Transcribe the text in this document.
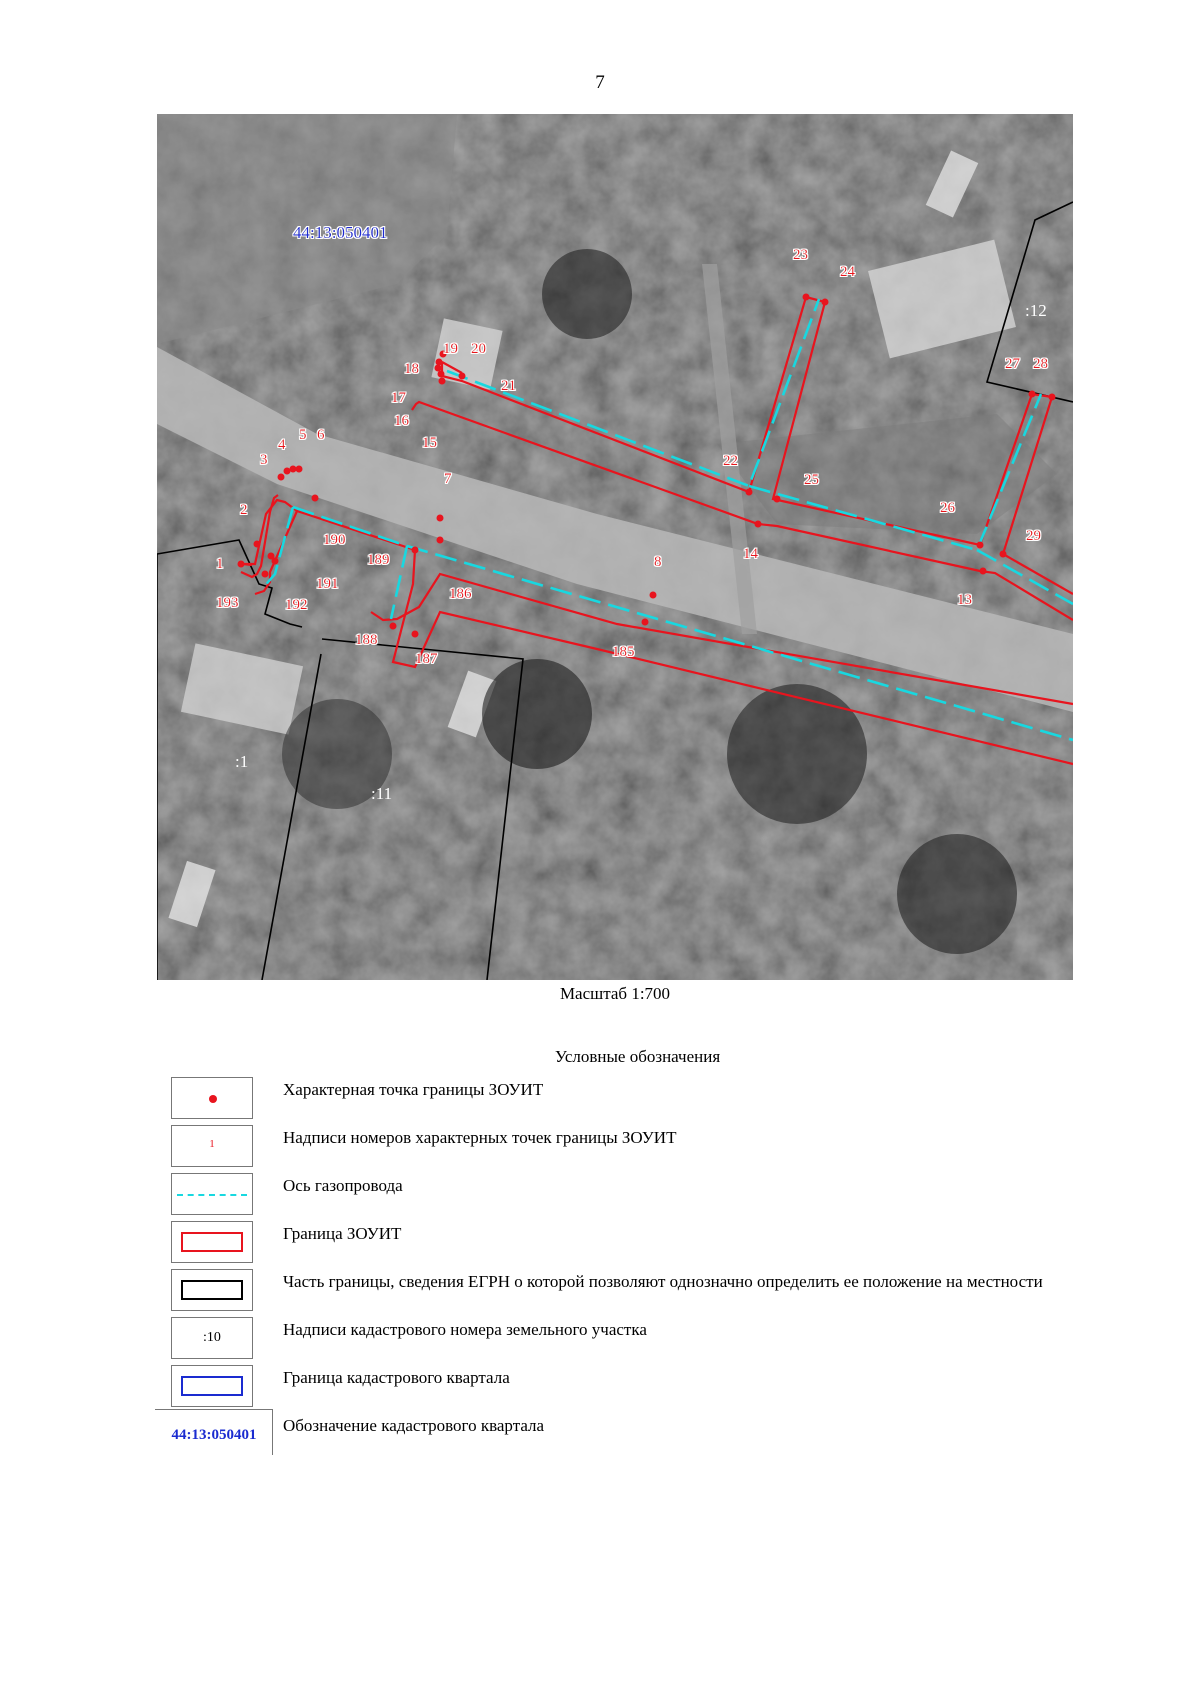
7
44:13:050401
:12
:1
:11
1
2
3
4
5 6
7
8
13
14
15
16
17
18
19 20
21
22
23
24
25
26
27 28
29
185
186
187
188
189
190
191
192
193
Масштаб 1:700
Условные обозначения
Характерная точка границы ЗОУИТ
1	Надписи номеров характерных точек границы ЗОУИТ
Ось газопровода
Граница ЗОУИТ
Часть границы, сведения ЕГРН о которой позволяют однозначно определить ее положение на местности
:10	Надписи кадастрового номера земельного участка
Граница кадастрового квартала
44:13:050401	Обозначение кадастрового квартала
